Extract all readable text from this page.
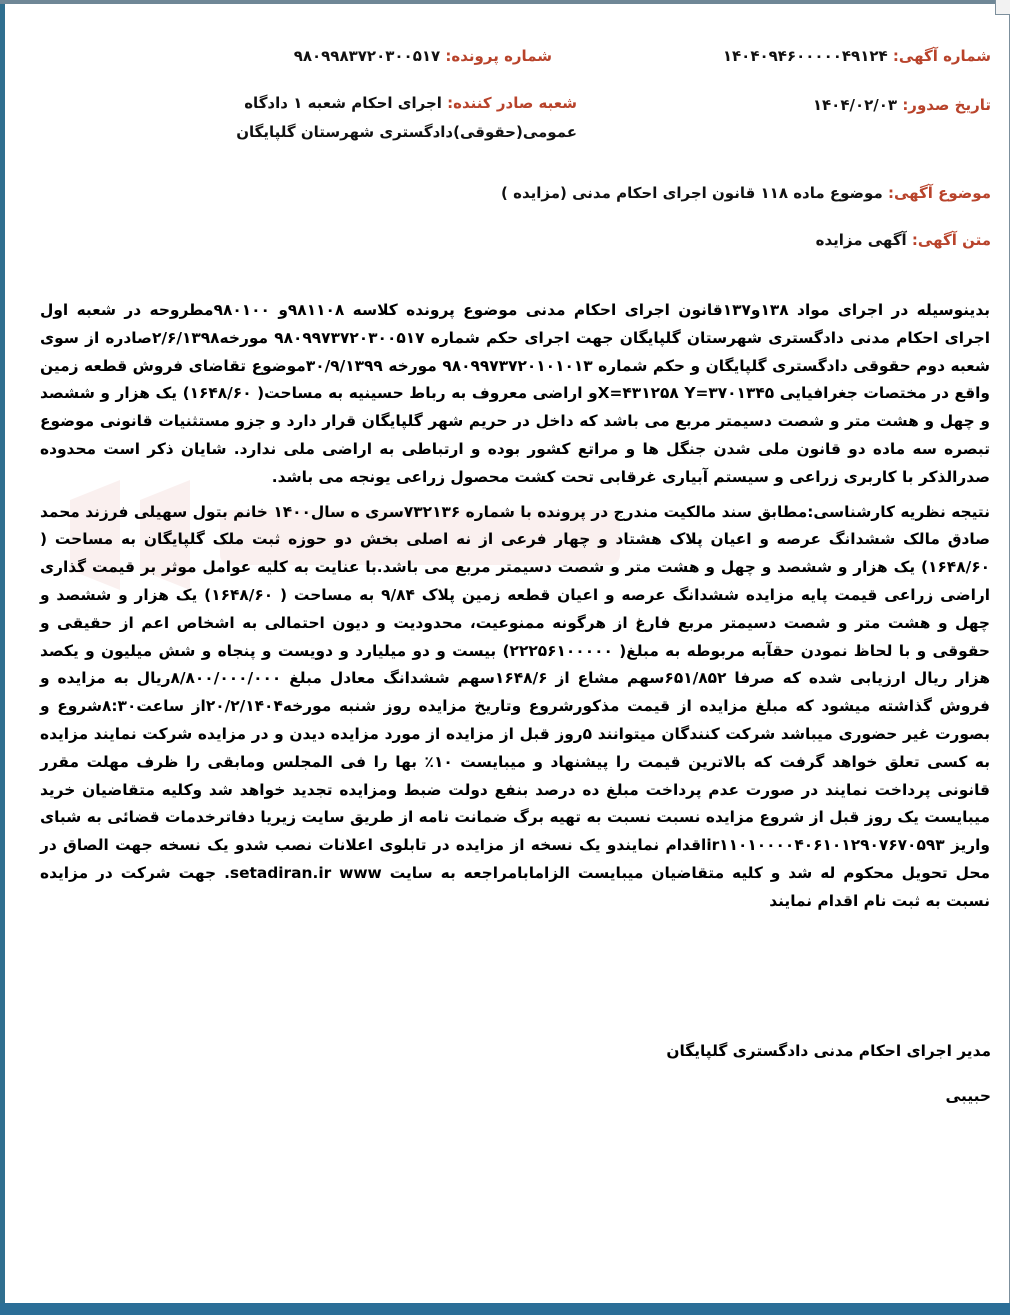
شماره آگهی: ۱۴۰۴۰۹۴۶۰۰۰۰۰۴۹۱۲۴
شماره پرونده: ۹۸۰۹۹۸۳۷۲۰۳۰۰۵۱۷
تاریخ صدور: ۱۴۰۴/۰۲/۰۳
شعبه صادر کننده: اجرای احکام شعبه ۱ دادگاه عمومی(حقوقی)دادگستری شهرستان گلپایگان
موضوع آگهی: موضوع ماده ۱۱۸ قانون اجرای احکام مدنی (مزایده )
متن آگهی: آگهی مزایده

بدینوسیله در اجرای مواد ۱۳۸و۱۳۷قانون اجرای احکام مدنی موضوع پرونده کلاسه ۹۸۱۱۰۸و ۹۸۰۱۰۰مطروحه در شعبه اول اجرای احکام مدنی دادگستری شهرستان گلپایگان جهت اجرای حکم شماره ۹۸۰۹۹۷۳۷۲۰۳۰۰۵۱۷ مورخه۲/۶/۱۳۹۸صادره از سوی شعبه دوم حقوقی دادگستری گلپایگان و حکم شماره ۹۸۰۹۹۷۳۷۲۰۱۰۱۰۱۳ مورخه ۳۰/۹/۱۳۹۹موضوع تقاضای فروش قطعه زمین واقع در مختصات جغرافیایی X=۴۳۱۲۵۸ Y=۳۷۰۱۳۴۵و اراضی معروف به رباط حسینیه به مساحت( ۱۶۴۸/۶۰) یک هزار و ششصد و چهل و هشت متر و شصت دسیمتر مربع می باشد که داخل در حریم شهر گلپایگان قرار دارد و جزو مستثنیات قانونی موضوع تبصره سه ماده دو قانون ملی شدن جنگل ها و مراتع کشور بوده و ارتباطی به اراضی ملی ندارد. شایان ذکر است محدوده صدرالذکر با کاربری زراعی و سیستم آبیاری غرقابی تحت کشت محصول زراعی یونجه می باشد.

نتیجه نظریه کارشناسی:مطابق سند مالکیت مندرج در پرونده با شماره ۷۳۲۱۳۶سری ه سال۱۴۰۰ خانم بتول سهیلی فرزند محمد صادق مالک ششدانگ عرصه و اعیان پلاک هشتاد و چهار فرعی از نه اصلی بخش دو حوزه ثبت ملک گلپایگان به مساحت ( ۱۶۴۸/۶۰) یک هزار و ششصد و چهل و هشت متر و شصت دسیمتر مربع می باشد.با عنایت به کلیه عوامل موثر بر قیمت گذاری اراضی زراعی قیمت پایه مزایده ششدانگ عرصه و اعیان قطعه زمین پلاک ۹/۸۴ به مساحت ( ۱۶۴۸/۶۰) یک هزار و ششصد و چهل و هشت متر و شصت دسیمتر مربع فارغ از هرگونه ممنوعیت، محدودیت و دیون احتمالی به اشخاص اعم از حقیقی و حقوقی و با لحاظ نمودن حقآبه مربوطه به مبلغ( ۲۲۲۵۶۱۰۰۰۰۰) بیست و دو میلیارد و دویست و پنجاه و شش میلیون و یکصد هزار ریال ارزیابی شده که صرفا ۶۵۱/۸۵۲سهم مشاع از ۱۶۴۸/۶سهم ششدانگ معادل مبلغ ۸/۸۰۰/۰۰۰/۰۰۰ریال به مزایده و فروش گذاشته میشود که مبلغ مزایده از قیمت مذکورشروع وتاریخ مزایده روز شنبه مورخه۲۰/۲/۱۴۰۴از ساعت۸:۳۰شروع و بصورت غیر حضوری میباشد شرکت کنندگان میتوانند ۵روز قبل از مزایده از مورد مزایده دیدن و در مزایده شرکت نمایند مزایده به کسی تعلق خواهد گرفت که بالاترین قیمت را پیشنهاد و میبایست ۱۰٪ بها را فی المجلس ومابقی را ظرف مهلت مقرر قانونی پرداخت نمایند در صورت عدم پرداخت مبلغ ده درصد بنفع دولت ضبط ومزایده تجدید خواهد شد وکلیه متقاضیان خرید میبایست یک روز قبل از شروع مزایده نسبت نسبت به تهیه برگ ضمانت نامه از طریق سایت زیریا دفاترخدمات قضائی به شبای واریز ir۱۱۰۱۰۰۰۰۴۰۶۱۰۱۲۹۰۷۶۷۰۵۹۳اقدام نمایندو یک نسخه از مزایده در تابلوی اعلانات نصب شدو یک نسخه جهت الصاق در محل تحویل محکوم له شد و کلیه متقاضیان میبایست الزامابامراجعه به سایت setadiran.ir www. جهت شرکت در مزایده نسبت به ثبت نام اقدام نمایند

مدیر اجرای احکام مدنی دادگستری گلپایگان
حبیبی
